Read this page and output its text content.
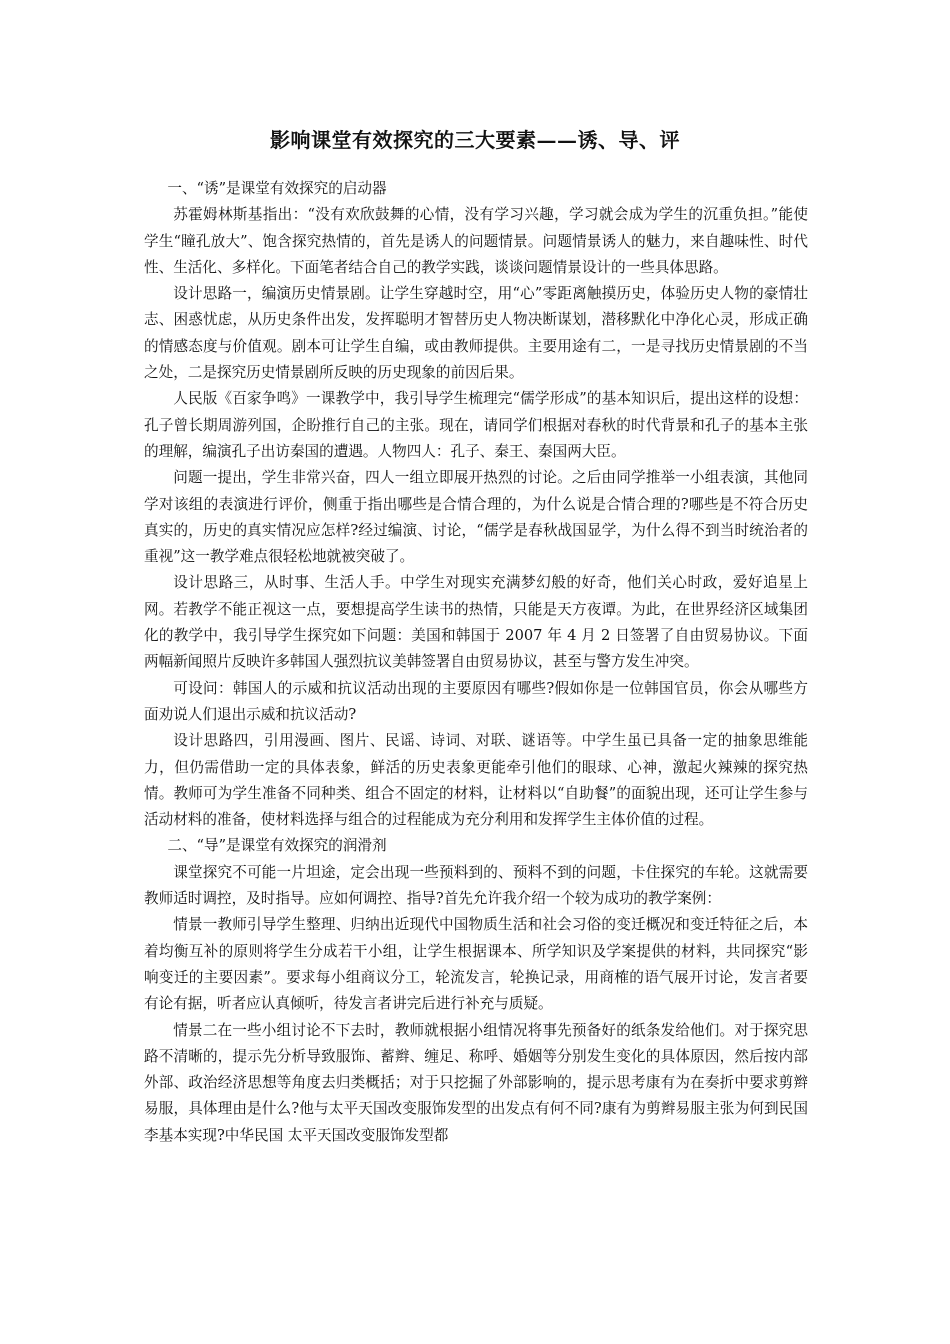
影响课堂有效探究的三大要素——诱、导、评

一、“诱”是课堂有效探究的启动器

苏霍姆林斯基指出：“没有欢欣鼓舞的心情，没有学习兴趣，学习就会成为学生的沉重负担。”能使学生“瞳孔放大”、饱含探究热情的，首先是诱人的问题情景。问题情景诱人的魅力，来自趣味性、时代性、生活化、多样化。下面笔者结合自己的教学实践，谈谈问题情景设计的一些具体思路。

设计思路一，编演历史情景剧。让学生穿越时空，用“心”零距离触摸历史，体验历史人物的豪情壮志、困惑忧虑，从历史条件出发，发挥聪明才智替历史人物决断谋划，潜移默化中净化心灵，形成正确的情感态度与价值观。剧本可让学生自编，或由教师提供。主要用途有二，一是寻找历史情景剧的不当之处，二是探究历史情景剧所反映的历史现象的前因后果。

人民版《百家争鸣》一课教学中，我引导学生梳理完“儒学形成”的基本知识后，提出这样的设想：孔子曾长期周游列国，企盼推行自己的主张。现在，请同学们根据对春秋的时代背景和孔子的基本主张的理解，编演孔子出访秦国的遭遇。人物四人：孔子、秦王、秦国两大臣。

问题一提出，学生非常兴奋，四人一组立即展开热烈的讨论。之后由同学推举一小组表演，其他同学对该组的表演进行评价，侧重于指出哪些是合情合理的，为什么说是合情合理的?哪些是不符合历史真实的，历史的真实情况应怎样?经过编演、讨论，“儒学是春秋战国显学，为什么得不到当时统治者的重视”这一教学难点很轻松地就被突破了。

设计思路三，从时事、生活人手。中学生对现实充满梦幻般的好奇，他们关心时政，爱好追星上网。若教学不能正视这一点，要想提高学生读书的热情，只能是天方夜谭。为此，在世界经济区域集团化的教学中，我引导学生探究如下问题：美国和韩国于 2007 年 4 月 2 日签署了自由贸易协议。下面两幅新闻照片反映许多韩国人强烈抗议美韩签署自由贸易协议，甚至与警方发生冲突。

可设问：韩国人的示威和抗议活动出现的主要原因有哪些?假如你是一位韩国官员，你会从哪些方面劝说人们退出示威和抗议活动?

设计思路四，引用漫画、图片、民谣、诗词、对联、谜语等。中学生虽已具备一定的抽象思维能力，但仍需借助一定的具体表象，鲜活的历史表象更能牵引他们的眼球、心神，激起火辣辣的探究热情。教师可为学生准备不同种类、组合不固定的材料，让材料以“自助餐”的面貌出现，还可让学生参与活动材料的准备，使材料选择与组合的过程能成为充分利用和发挥学生主体价值的过程。

二、“导”是课堂有效探究的润滑剂

课堂探究不可能一片坦途，定会出现一些预料到的、预料不到的问题，卡住探究的车轮。这就需要教师适时调控，及时指导。应如何调控、指导?首先允许我介绍一个较为成功的教学案例：

情景一教师引导学生整理、归纳出近现代中国物质生活和社会习俗的变迁概况和变迁特征之后，本着均衡互补的原则将学生分成若干小组，让学生根据课本、所学知识及学案提供的材料，共同探究“影响变迁的主要因素”。要求每小组商议分工，轮流发言，轮换记录，用商榷的语气展开讨论，发言者要有论有据，听者应认真倾听，待发言者讲完后进行补充与质疑。

情景二在一些小组讨论不下去时，教师就根据小组情况将事先预备好的纸条发给他们。对于探究思路不清晰的，提示先分析导致服饰、蓄辫、缠足、称呼、婚姻等分别发生变化的具体原因，然后按内部外部、政治经济思想等角度去归类概括；对于只挖掘了外部影响的，提示思考康有为在奏折中要求剪辫易服，具体理由是什么?他与太平天国改变服饰发型的出发点有何不同?康有为剪辫易服主张为何到民国李基本实现?中华民国 太平天国改变服饰发型都
